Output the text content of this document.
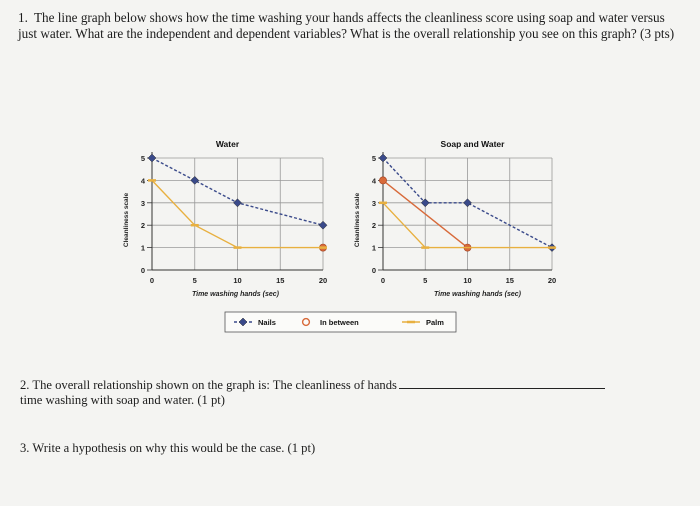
1. The line graph below shows how the time washing your hands affects the cleanliness score using soap and water versus just water. What are the independent and dependent variables? What is the overall relationship you see on this graph? (3 pts)
0	5	10	15	20
0
1
2
3
4
5
Water
Time washing hands (sec)
Cleanliness scale
0	5	10	15	20
0
1
2
3
4
5
Soap and Water
Time washing hands (sec)
Cleanliness scale
Nails	In between	Palm
2. The overall relationship shown on the graph is: The cleanliness of hands
time washing with soap and water. (1 pt)
3. Write a hypothesis on why this would be the case. (1 pt)
